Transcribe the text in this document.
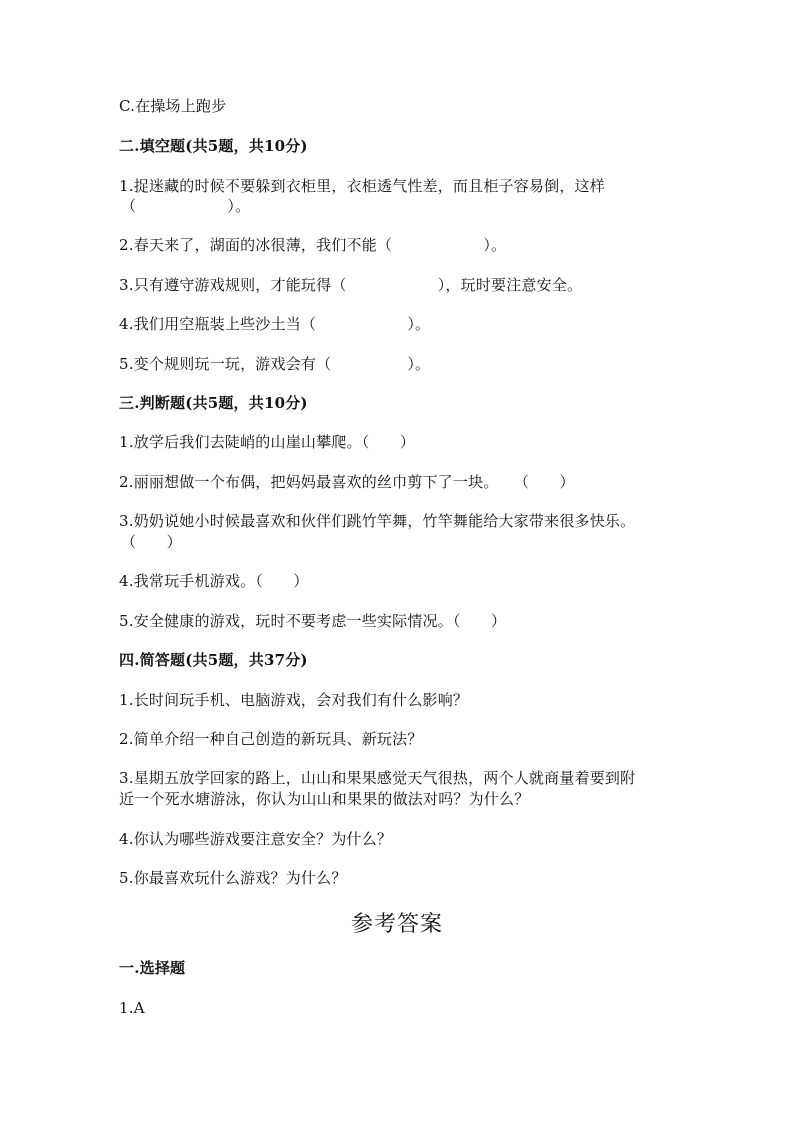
C.在操场上跑步
二.填空题(共5题，共10分)
1.捉迷藏的时候不要躲到衣柜里，衣柜透气性差，而且柜子容易倒，这样
（　　　　　　）。
2.春天来了，湖面的冰很薄，我们不能（　　　　　　）。
3.只有遵守游戏规则，才能玩得（　　　　　　），玩时要注意安全。
4.我们用空瓶装上些沙土当（　　　　　　）。
5.变个规则玩一玩，游戏会有（　　　　　）。
三.判断题(共5题，共10分)
1.放学后我们去陡峭的山崖山攀爬。（　　）
2.丽丽想做一个布偶，把妈妈最喜欢的丝巾剪下了一块。　　（　　）
3.奶奶说她小时候最喜欢和伙伴们跳竹竿舞，竹竿舞能给大家带来很多快乐。
（　　）
4.我常玩手机游戏。（　　）
5.安全健康的游戏，玩时不要考虑一些实际情况。（　　）
四.简答题(共5题，共37分)
1.长时间玩手机、电脑游戏，会对我们有什么影响？
2.简单介绍一种自己创造的新玩具、新玩法？
3.星期五放学回家的路上，山山和果果感觉天气很热，两个人就商量着要到附
近一个死水塘游泳，你认为山山和果果的做法对吗？为什么？
4.你认为哪些游戏要注意安全？为什么？
5.你最喜欢玩什么游戏？为什么？
参考答案
一.选择题
1.A
